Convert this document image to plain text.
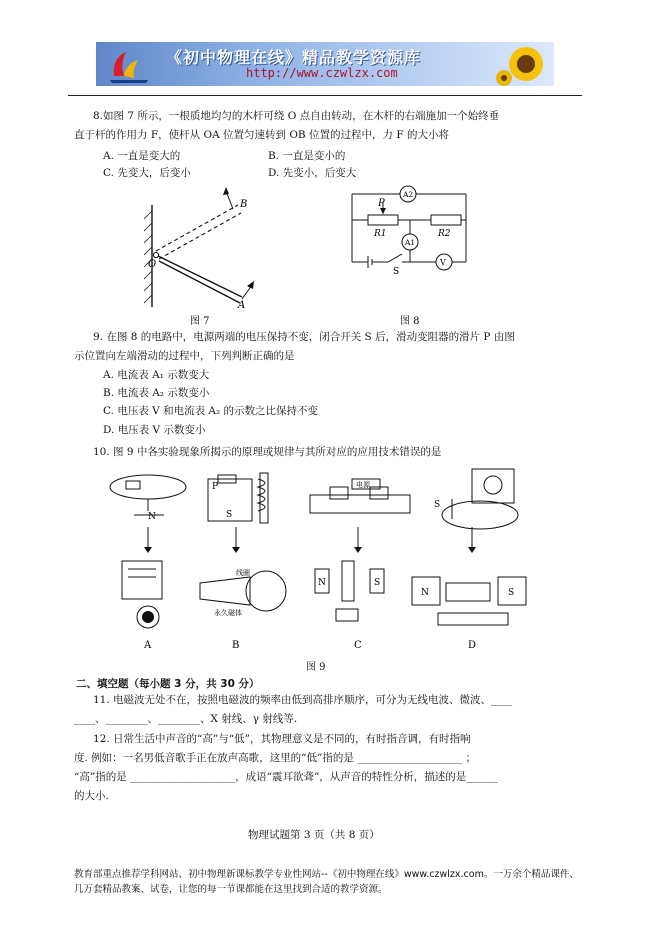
《初中物理在线》精品教学资源库
http://www.czwlzx.com
8.如图 7 所示，一根质地均匀的木杆可绕 O 点自由转动，在木杆的右端施加一个始终垂
直于杆的作用力 F，使杆从 OA 位置匀速转到 OB 位置的过程中，力 F 的大小将
A. 一直是变大的	B. 一直是变小的
C. 先变大，后变小	D. 先变小，后变大
B
O
A
图 7
A2
P
R1	R2
A1
S
V
图 8
9. 在图 8 的电路中，电源两端的电压保持不变，闭合开关 S 后，滑动变阻器的滑片 P 由图
示位置向左端滑动的过程中，下列判断正确的是
A. 电流表 A₁ 示数变大
B. 电流表 A₂ 示数变小
C. 电压表 V 和电流表 A₂ 的示数之比保持不变
D. 电压表 V 示数变小
10. 图 9 中各实验现象所揭示的原理或规律与其所对应的应用技术错误的是
P
S
N
S
线圈
永久磁体
电源
N	S
N	S
A	B	C	D
图 9
二、填空题（每小题 3 分，共 30 分）
11. 电磁波无处不在，按照电磁波的频率由低到高排序顺序，可分为无线电波、微波、____
____、________、________、X 射线、γ 射线等.
12. 日常生活中声音的“高”与“低”，其物理意义是不同的，有时指音调，有时指响
度. 例如：一名男低音歌手正在放声高歌，这里的“低”指的是 ____________________ ；
“高”指的是 ____________________，成语“震耳欲聋”，从声音的特性分析，描述的是______
的大小.
物理试题第 3 页（共 8 页）
教育部重点推荐学科网站、初中物理新课标教学专业性网站--《初中物理在线》www.czwlzx.com。一万余个精品课件、
几万套精品教案、试卷，让您的每一节课都能在这里找到合适的教学资源。
